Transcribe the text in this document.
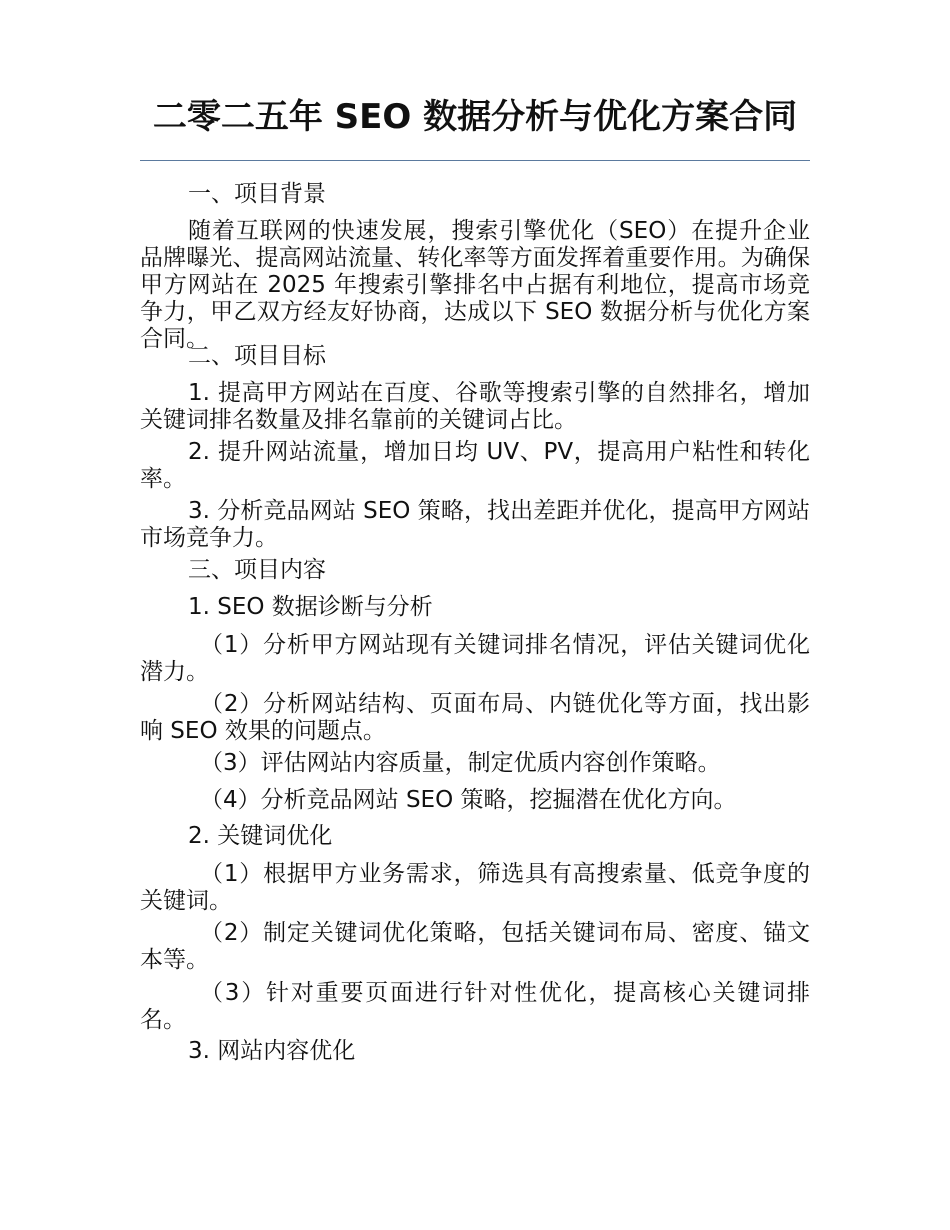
二零二五年 SEO 数据分析与优化方案合同

一、项目背景

随着互联网的快速发展，搜索引擎优化（SEO）在提升企业品牌曝光、提高网站流量、转化率等方面发挥着重要作用。为确保甲方网站在 2025 年搜索引擎排名中占据有利地位，提高市场竞争力，甲乙双方经友好协商，达成以下 SEO 数据分析与优化方案合同。

二、项目目标

1. 提高甲方网站在百度、谷歌等搜索引擎的自然排名，增加关键词排名数量及排名靠前的关键词占比。

2. 提升网站流量，增加日均 UV、PV，提高用户粘性和转化率。

3. 分析竞品网站 SEO 策略，找出差距并优化，提高甲方网站市场竞争力。

三、项目内容

1. SEO 数据诊断与分析

（1）分析甲方网站现有关键词排名情况，评估关键词优化潜力。

（2）分析网站结构、页面布局、内链优化等方面，找出影响 SEO 效果的问题点。

（3）评估网站内容质量，制定优质内容创作策略。

（4）分析竞品网站 SEO 策略，挖掘潜在优化方向。

2. 关键词优化

（1）根据甲方业务需求，筛选具有高搜索量、低竞争度的关键词。

（2）制定关键词优化策略，包括关键词布局、密度、锚文本等。

（3）针对重要页面进行针对性优化，提高核心关键词排名。

3. 网站内容优化
